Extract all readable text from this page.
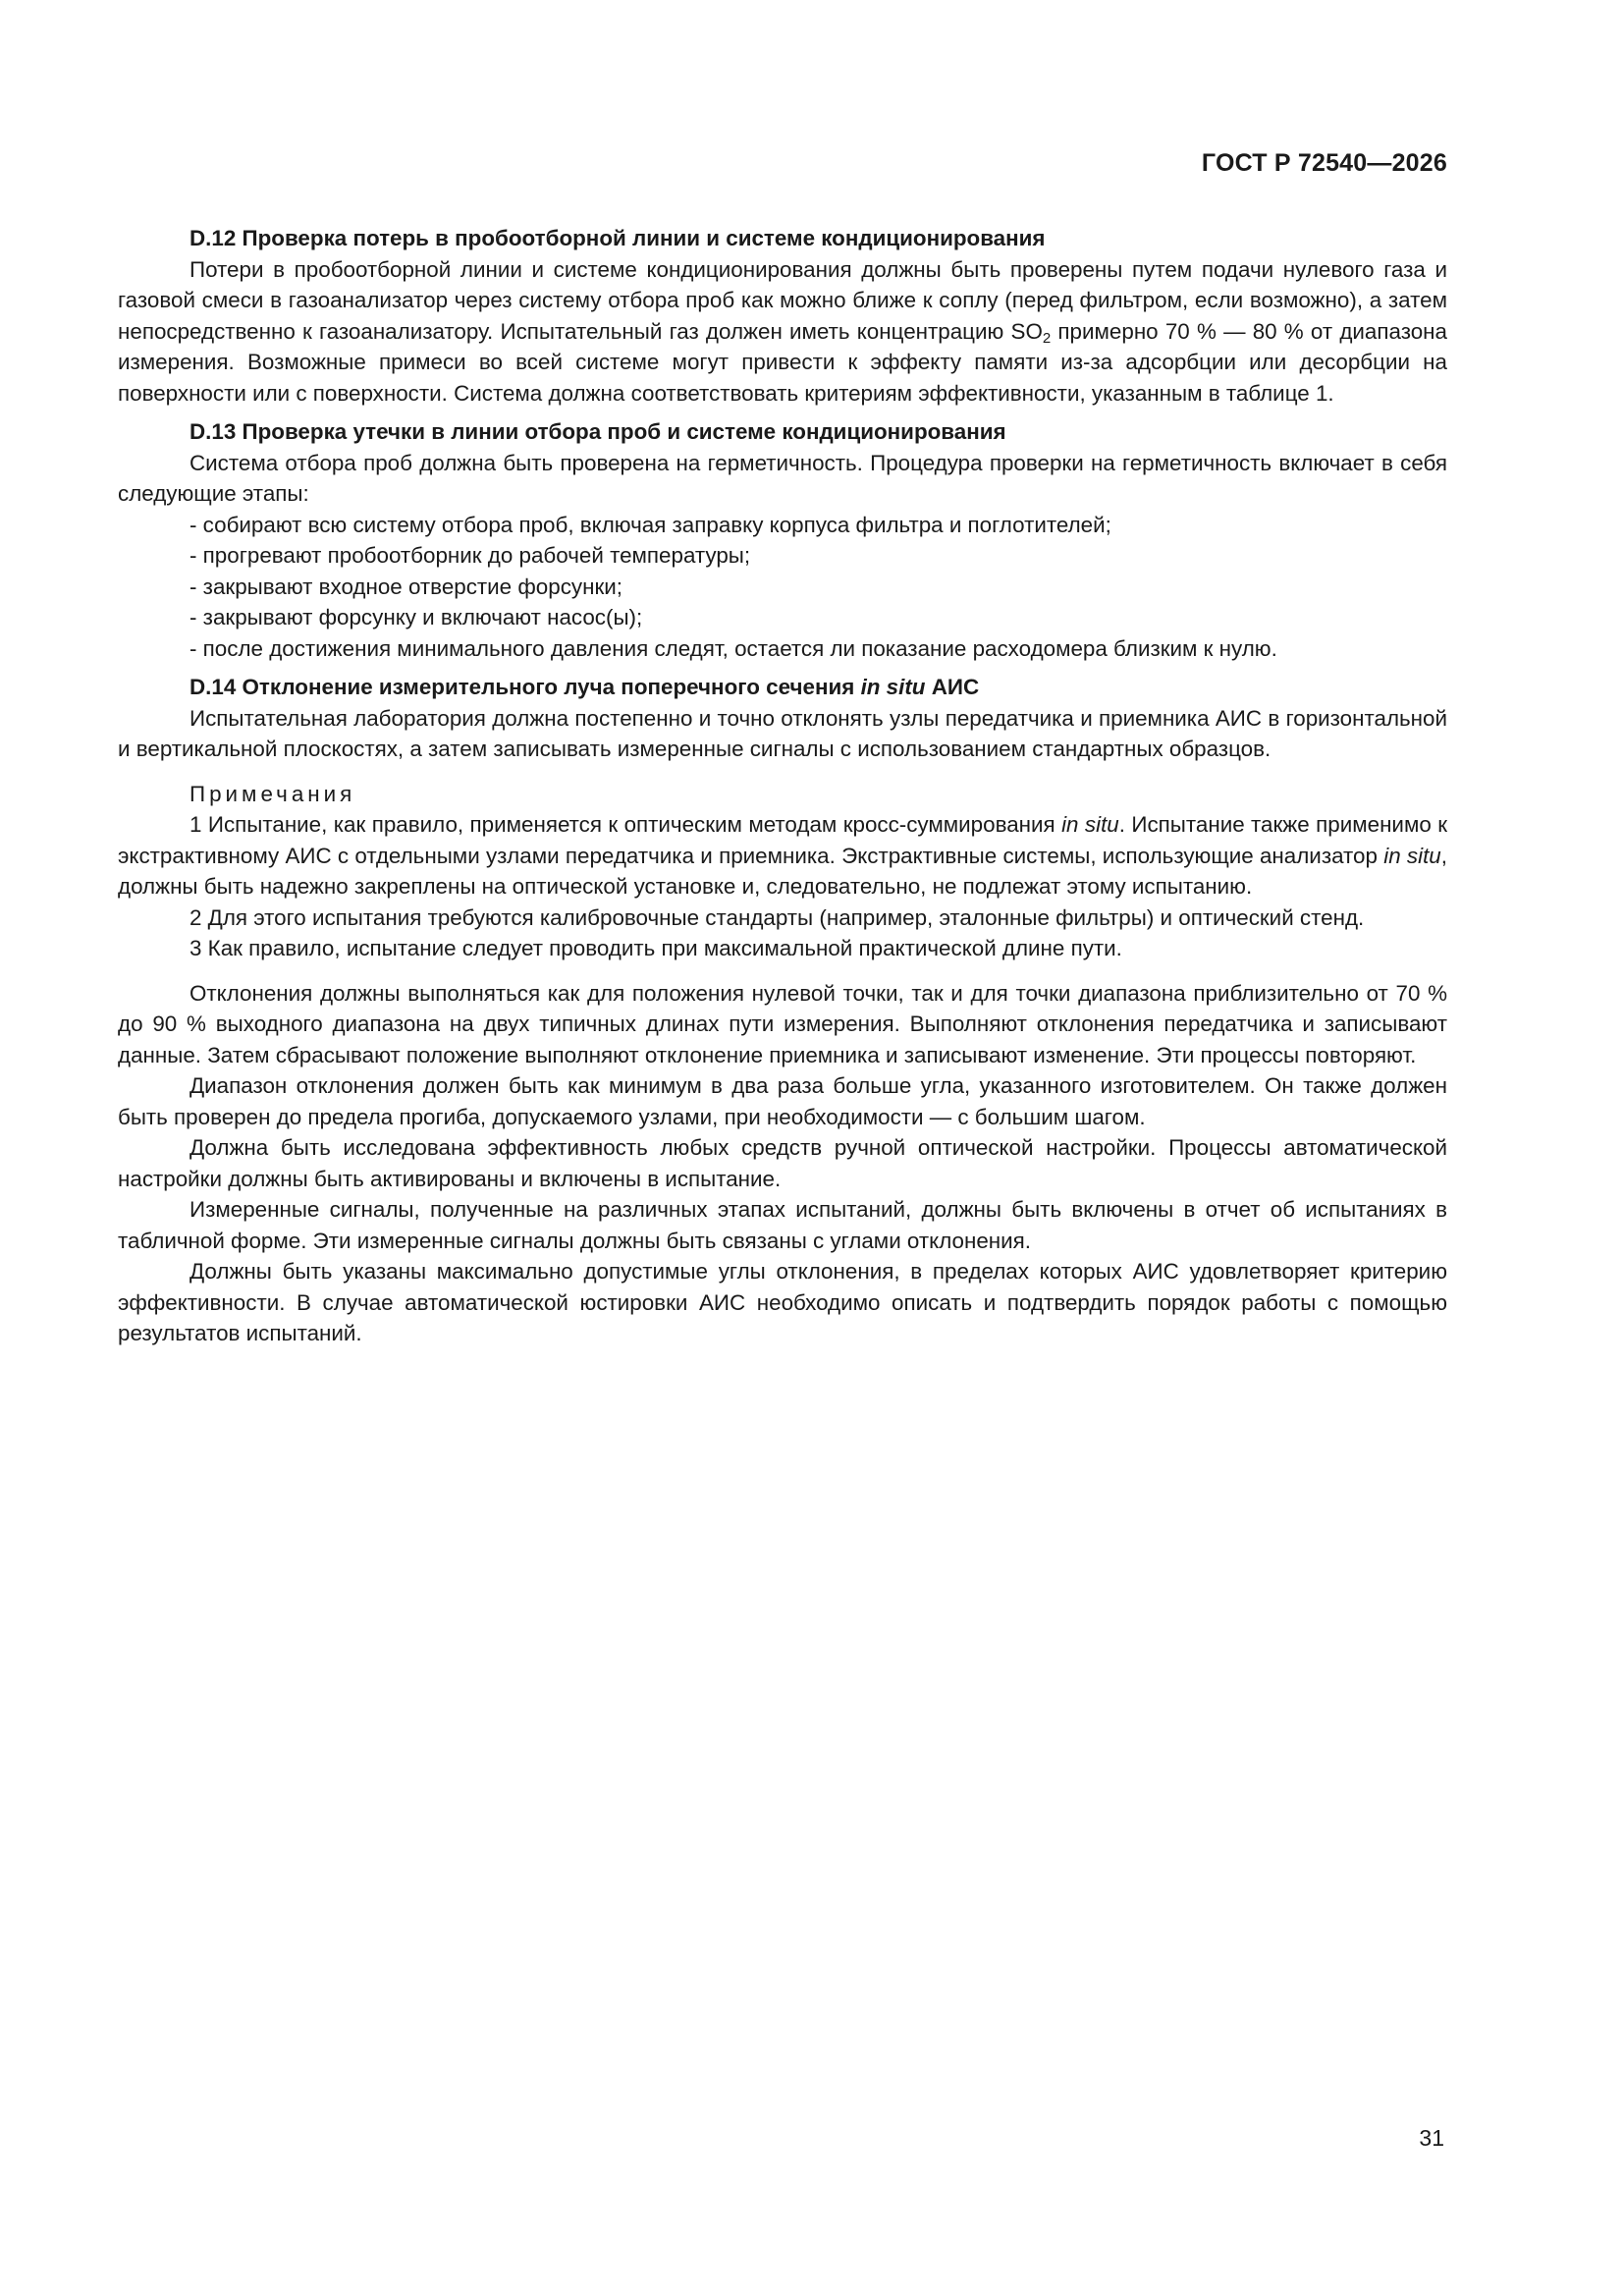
ГОСТ Р 72540—2026
D.12 Проверка потерь в пробоотборной линии и системе кондиционирования

Потери в пробоотборной линии и системе кондиционирования должны быть проверены путем подачи нулевого газа и газовой смеси в газоанализатор через систему отбора проб как можно ближе к соплу (перед фильтром, если возможно), а затем непосредственно к газоанализатору. Испытательный газ должен иметь концентрацию $SO_2$ примерно 70 % — 80 % от диапазона измерения. Возможные примеси во всей системе могут привести к эффекту памяти из-за адсорбции или десорбции на поверхности или с поверхности. Система должна соответствовать критериям эффективности, указанным в таблице 1.

D.13 Проверка утечки в линии отбора проб и системе кондиционирования

Система отбора проб должна быть проверена на герметичность. Процедура проверки на герметичность включает в себя следующие этапы:

- собирают всю систему отбора проб, включая заправку корпуса фильтра и поглотителей;

- прогревают пробоотборник до рабочей температуры;

- закрывают входное отверстие форсунки;

- закрывают форсунку и включают насос(ы);

- после достижения минимального давления следят, остается ли показание расходомера близким к нулю.

D.14 Отклонение измерительного луча поперечного сечения in situ АИС

Испытательная лаборатория должна постепенно и точно отклонять узлы передатчика и приемника АИС в горизонтальной и вертикальной плоскостях, а затем записывать измеренные сигналы с использованием стандартных образцов.

Примечания

1 Испытание, как правило, применяется к оптическим методам кросс-суммирования in situ. Испытание также применимо к экстрактивному АИС с отдельными узлами передатчика и приемника. Экстрактивные системы, использующие анализатор in situ, должны быть надежно закреплены на оптической установке и, следовательно, не подлежат этому испытанию.

2 Для этого испытания требуются калибровочные стандарты (например, эталонные фильтры) и оптический стенд.

3 Как правило, испытание следует проводить при максимальной практической длине пути.

Отклонения должны выполняться как для положения нулевой точки, так и для точки диапазона приблизительно от 70 % до 90 % выходного диапазона на двух типичных длинах пути измерения. Выполняют отклонения передатчика и записывают данные. Затем сбрасывают положение выполняют отклонение приемника и записывают изменение. Эти процессы повторяют.

Диапазон отклонения должен быть как минимум в два раза больше угла, указанного изготовителем. Он также должен быть проверен до предела прогиба, допускаемого узлами, при необходимости — с большим шагом.

Должна быть исследована эффективность любых средств ручной оптической настройки. Процессы автоматической настройки должны быть активированы и включены в испытание.

Измеренные сигналы, полученные на различных этапах испытаний, должны быть включены в отчет об испытаниях в табличной форме. Эти измеренные сигналы должны быть связаны с углами отклонения.

Должны быть указаны максимально допустимые углы отклонения, в пределах которых АИС удовлетворяет критерию эффективности. В случае автоматической юстировки АИС необходимо описать и подтвердить порядок работы с помощью результатов испытаний.

31
